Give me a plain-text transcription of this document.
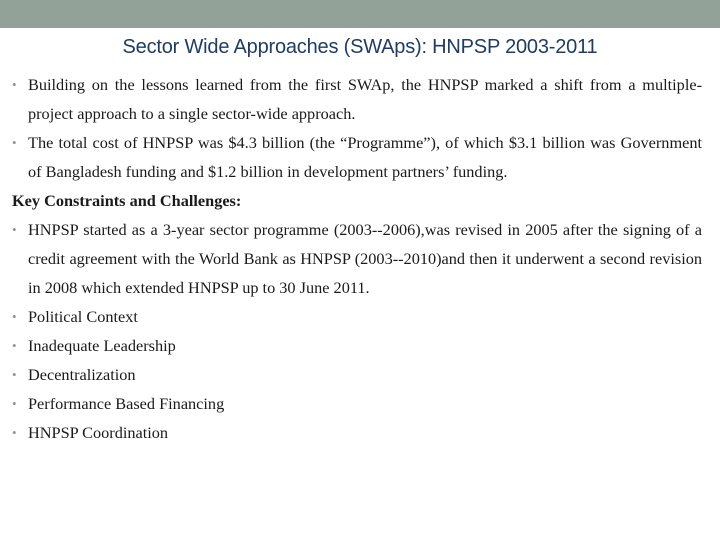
Sector Wide Approaches (SWAps): HNPSP 2003-2011
• Building on the lessons learned from the first SWAp, the HNPSP marked a shift from a multiple-project approach to a single sector-wide approach.
• The total cost of HNPSP was $4.3 billion (the “Programme”), of which $3.1 billion was Government of Bangladesh funding and $1.2 billion in development partners’ funding.
Key Constraints and Challenges:
• HNPSP started as a 3-year sector programme (2003--2006),was revised in 2005 after the signing of a credit agreement with the World Bank as HNPSP (2003--2010)and then it underwent a second revision in 2008 which extended HNPSP up to 30 June 2011.
• Political Context
• Inadequate Leadership
• Decentralization
• Performance Based Financing
• HNPSP Coordination
